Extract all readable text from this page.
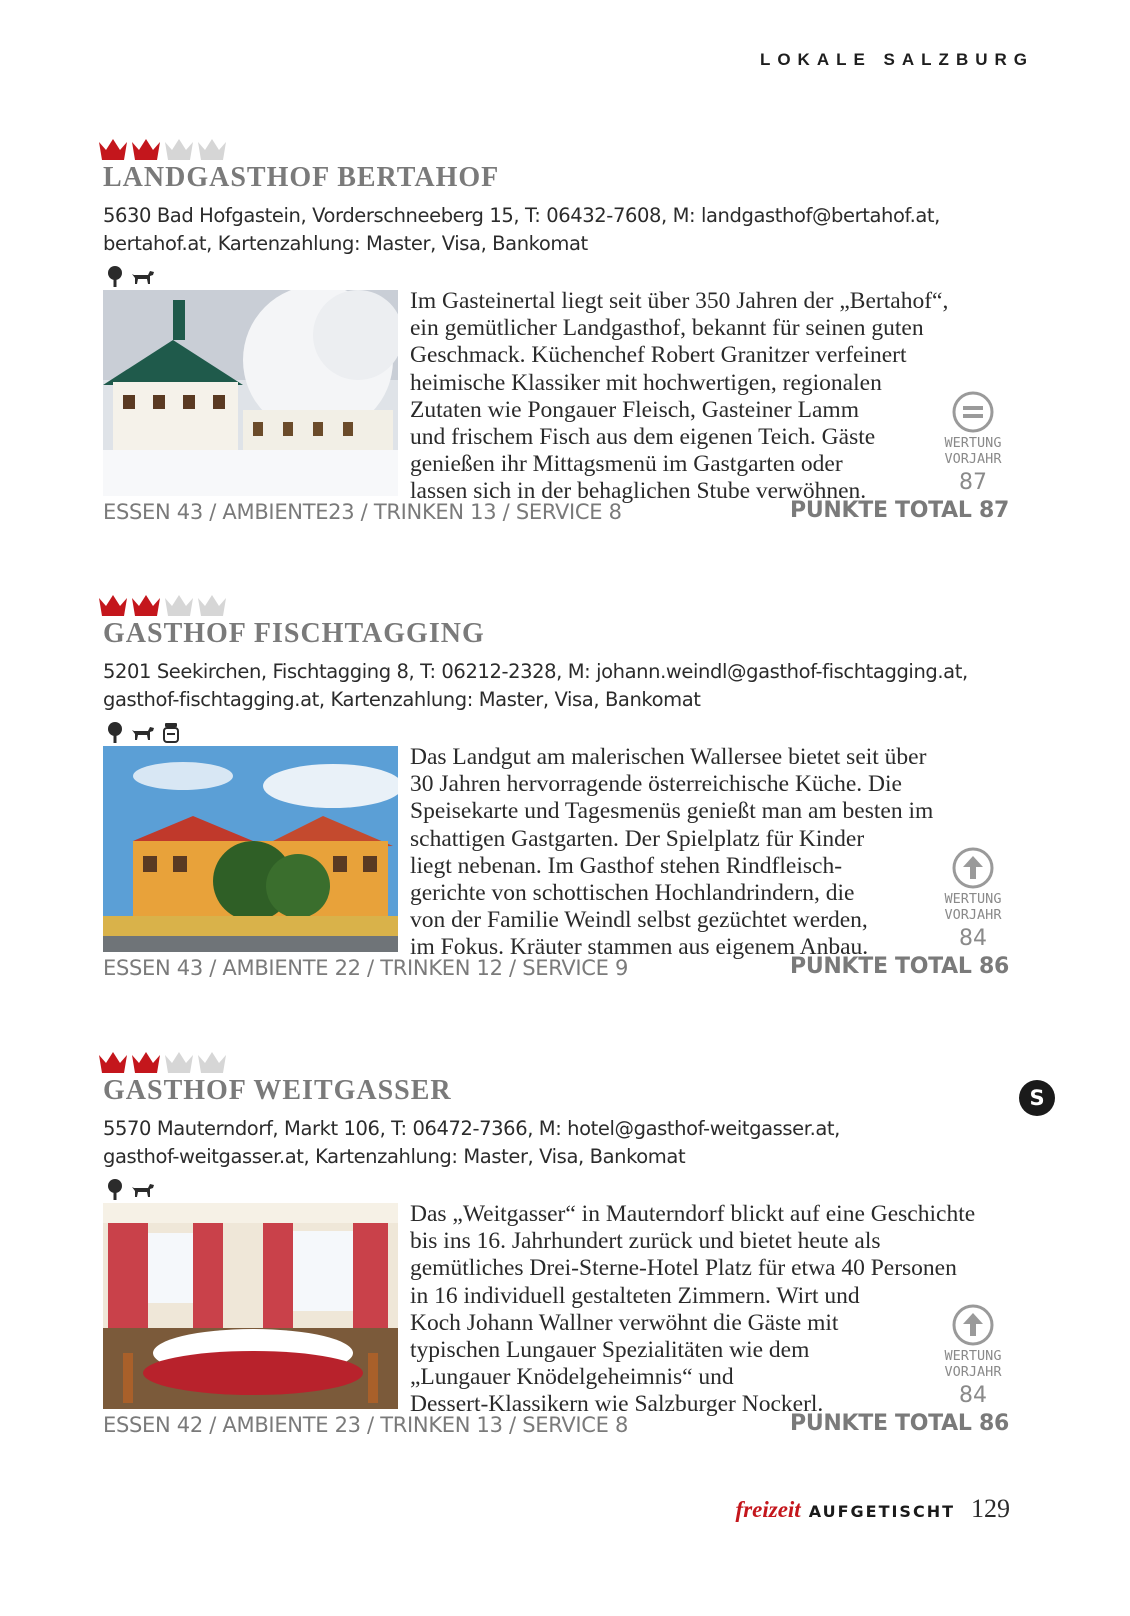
LOKALE SALZBURG
LANDGASTHOF BERTAHOF
5630 Bad Hofgastein, Vorderschneeberg 15, T: 06432-7608, M: landgasthof@bertahof.at,
bertahof.at, Kartenzahlung: Master, Visa, Bankomat
Im Gasteinertal liegt seit über 350 Jahren der „Bertahof“,
ein gemütlicher Landgasthof, bekannt für seinen guten
Geschmack. Küchenchef Robert Granitzer verfeinert
heimische Klassiker mit hochwertigen, regionalen
Zutaten wie Pongauer Fleisch, Gasteiner Lamm
und frischem Fisch aus dem eigenen Teich. Gäste
genießen ihr Mittagsmenü im Gastgarten oder
lassen sich in der behaglichen Stube verwöhnen.
WERTUNG
VORJAHR
87
ESSEN 43 / AMBIENTE23 / TRINKEN 13 / SERVICE 8	PUNKTE TOTAL 87
GASTHOF FISCHTAGGING
5201 Seekirchen, Fischtagging 8, T: 06212-2328, M: johann.weindl@gasthof-fischtagging.at,
gasthof-fischtagging.at, Kartenzahlung: Master, Visa, Bankomat
Das Landgut am malerischen Wallersee bietet seit über
30 Jahren hervorragende österreichische Küche. Die
Speisekarte und Tagesmenüs genießt man am besten im
schattigen Gastgarten. Der Spielplatz für Kinder
liegt nebenan. Im Gasthof stehen Rindfleisch-
gerichte von schottischen Hochlandrindern, die
von der Familie Weindl selbst gezüchtet werden,
im Fokus. Kräuter stammen aus eigenem Anbau.
WERTUNG
VORJAHR
84
ESSEN 43 / AMBIENTE 22 / TRINKEN 12 / SERVICE 9	PUNKTE TOTAL 86
GASTHOF WEITGASSER
5570 Mauterndorf, Markt 106, T: 06472-7366, M: hotel@gasthof-weitgasser.at,
gasthof-weitgasser.at, Kartenzahlung: Master, Visa, Bankomat
Das „Weitgasser“ in Mauterndorf blickt auf eine Geschichte
bis ins 16. Jahrhundert zurück und bietet heute als
gemütliches Drei-Sterne-Hotel Platz für etwa 40 Personen
in 16 individuell gestalteten Zimmern. Wirt und
Koch Johann Wallner verwöhnt die Gäste mit
typischen Lungauer Spezialitäten wie dem
„Lungauer Knödelgeheimnis“ und
Dessert-Klassikern wie Salzburger Nockerl.
WERTUNG
VORJAHR
84
ESSEN 42 / AMBIENTE 23 / TRINKEN 13 / SERVICE 8	PUNKTE TOTAL 86
S
freizeit AUFGETISCHT 129
